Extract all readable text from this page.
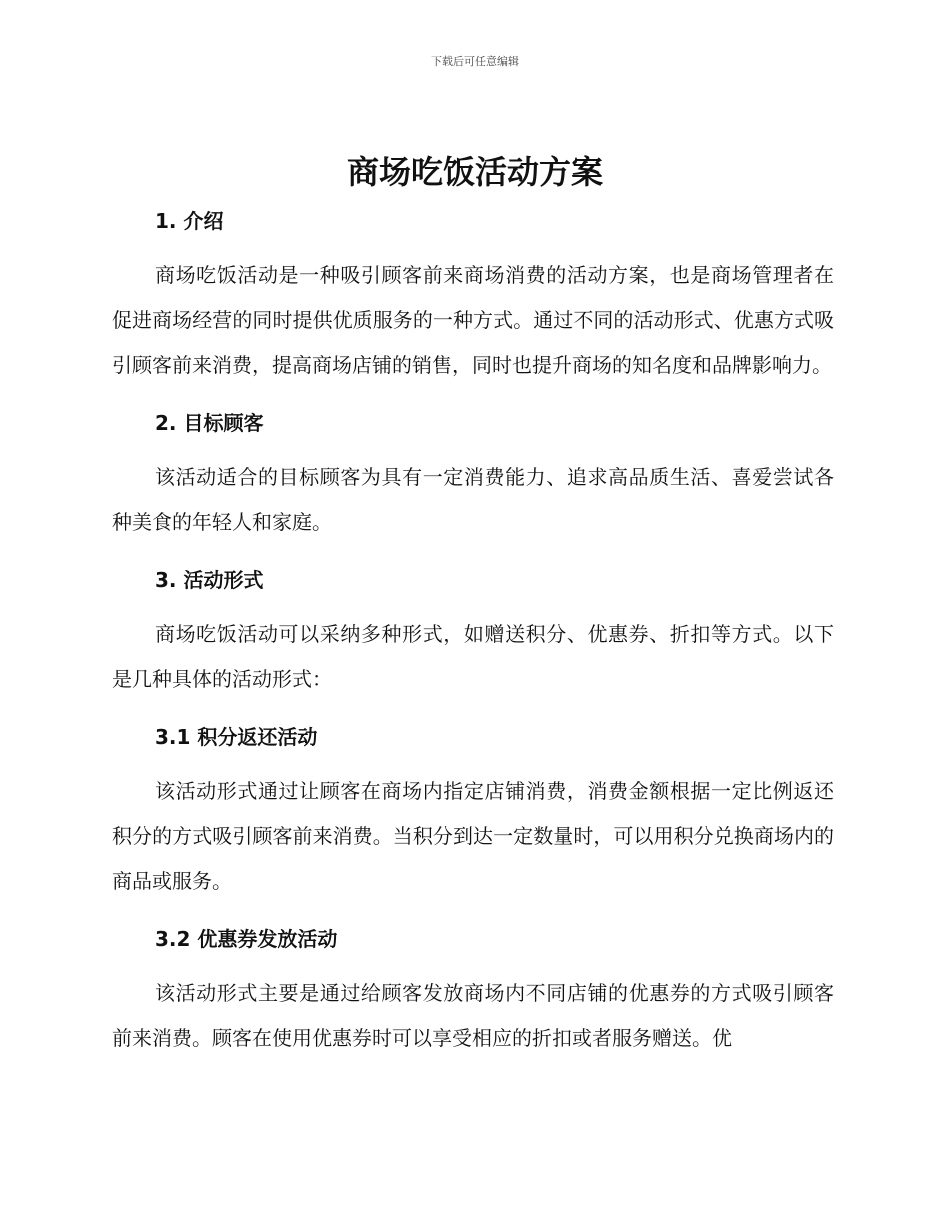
下载后可任意编辑
商场吃饭活动方案
1. 介绍

商场吃饭活动是一种吸引顾客前来商场消费的活动方案，也是商场管理者在促进商场经营的同时提供优质服务的一种方式。通过不同的活动形式、优惠方式吸引顾客前来消费，提高商场店铺的销售，同时也提升商场的知名度和品牌影响力。

2. 目标顾客

该活动适合的目标顾客为具有一定消费能力、追求高品质生活、喜爱尝试各种美食的年轻人和家庭。

3. 活动形式

商场吃饭活动可以采纳多种形式，如赠送积分、优惠券、折扣等方式。以下是几种具体的活动形式：

3.1 积分返还活动

该活动形式通过让顾客在商场内指定店铺消费，消费金额根据一定比例返还积分的方式吸引顾客前来消费。当积分到达一定数量时，可以用积分兑换商场内的商品或服务。

3.2 优惠券发放活动

该活动形式主要是通过给顾客发放商场内不同店铺的优惠券的方式吸引顾客前来消费。顾客在使用优惠券时可以享受相应的折扣或者服务赠送。优
